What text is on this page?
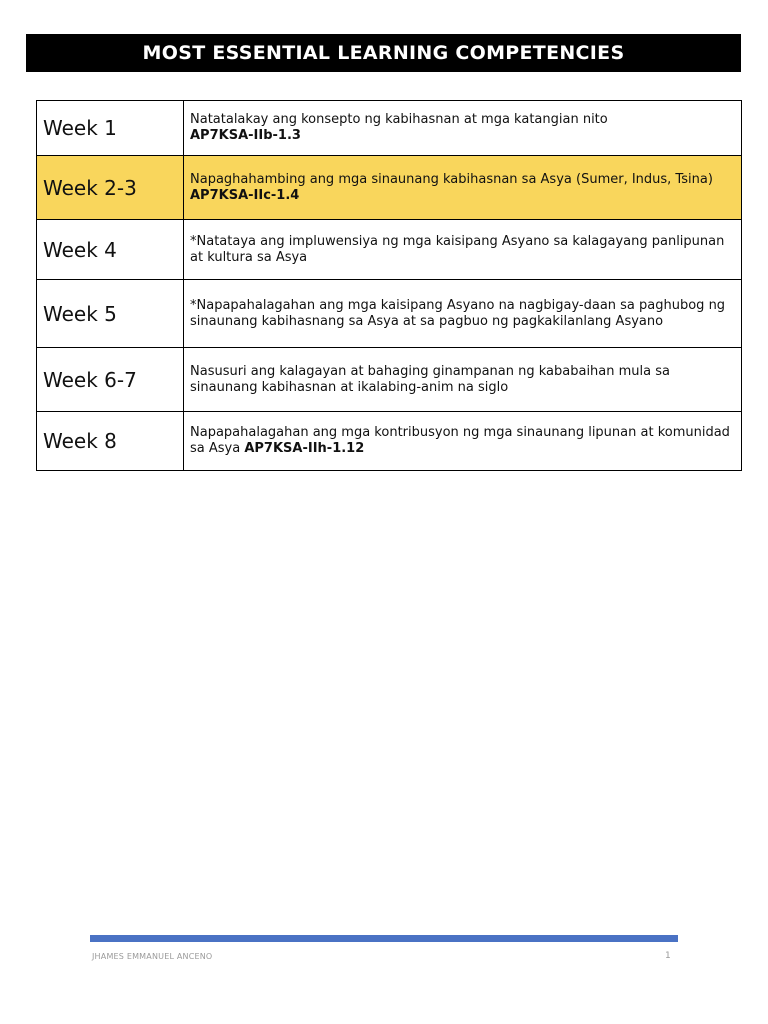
MOST ESSENTIAL LEARNING COMPETENCIES
Week 1	Natatalakay ang konsepto ng kabihasnan at mga katangian nito
AP7KSA-IIb-1.3
Week 2-3	Napaghahambing ang mga sinaunang kabihasnan sa Asya (Sumer, Indus, Tsina) AP7KSA-IIc-1.4
Week 4	*Natataya ang impluwensiya ng mga kaisipang Asyano sa kalagayang panlipunan at kultura sa Asya
Week 5	*Napapahalagahan ang mga kaisipang Asyano na nagbigay-daan sa paghubog ng sinaunang kabihasnang sa Asya at sa pagbuo ng pagkakilanlang Asyano
Week 6-7	Nasusuri ang kalagayan at bahaging ginampanan ng kababaihan mula sa sinaunang kabihasnan at ikalabing-anim na siglo
Week 8	Napapahalagahan ang mga kontribusyon ng mga sinaunang lipunan at komunidad sa Asya AP7KSA-IIh-1.12
JHAMES EMMANUEL ANCENO	1
